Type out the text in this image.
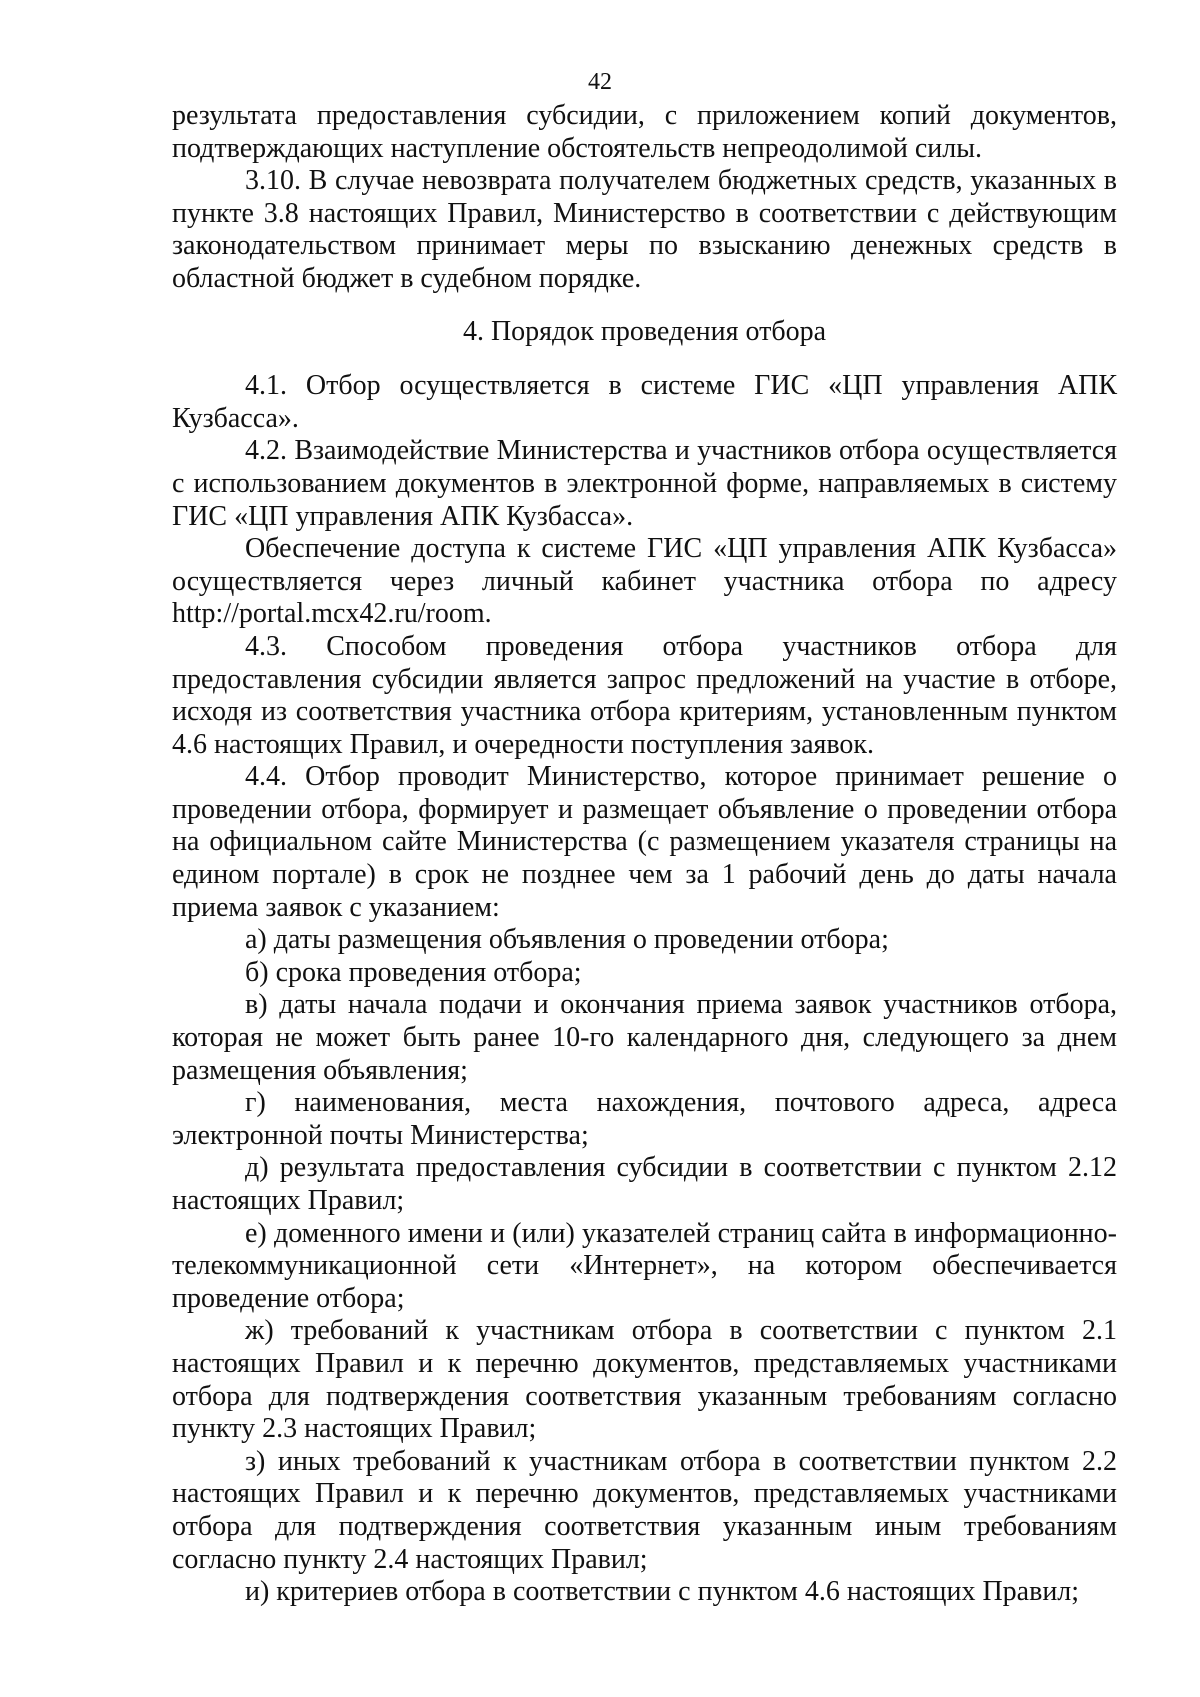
42

результата предоставления субсидии, с приложением копий документов, подтверждающих наступление обстоятельств непреодолимой силы.

3.10. В случае невозврата получателем бюджетных средств, указанных в пункте 3.8 настоящих Правил, Министерство в соответствии с действующим законодательством принимает меры по взысканию денежных средств в областной бюджет в судебном порядке.

4. Порядок проведения отбора

4.1. Отбор осуществляется в системе ГИС «ЦП управления АПК Кузбасса».

4.2. Взаимодействие Министерства и участников отбора осуществляется с использованием документов в электронной форме, направляемых в систему ГИС «ЦП управления АПК Кузбасса».

Обеспечение доступа к системе ГИС «ЦП управления АПК Кузбасса» осуществляется через личный кабинет участника отбора по адресу http://portal.mcx42.ru/room.

4.3. Способом проведения отбора участников отбора для предоставления субсидии является запрос предложений на участие в отборе, исходя из соответствия участника отбора критериям, установленным пунктом 4.6 настоящих Правил, и очередности поступления заявок.

4.4. Отбор проводит Министерство, которое принимает решение о проведении отбора, формирует и размещает объявление о проведении отбора на официальном сайте Министерства (с размещением указателя страницы на едином портале) в срок не позднее чем за 1 рабочий день до даты начала приема заявок с указанием:

а) даты размещения объявления о проведении отбора;

б) срока проведения отбора;

в) даты начала подачи и окончания приема заявок участников отбора, которая не может быть ранее 10-го календарного дня, следующего за днем размещения объявления;

г) наименования, места нахождения, почтового адреса, адреса электронной почты Министерства;

д) результата предоставления субсидии в соответствии с пунктом 2.12 настоящих Правил;

е) доменного имени и (или) указателей страниц сайта в информационно-телекоммуникационной сети «Интернет», на котором обеспечивается проведение отбора;

ж) требований к участникам отбора в соответствии с пунктом 2.1 настоящих Правил и к перечню документов, представляемых участниками отбора для подтверждения соответствия указанным требованиям согласно пункту 2.3 настоящих Правил;

з) иных требований к участникам отбора в соответствии пунктом 2.2 настоящих Правил и к перечню документов, представляемых участниками отбора для подтверждения соответствия указанным иным требованиям согласно пункту 2.4 настоящих Правил;

и) критериев отбора в соответствии с пунктом 4.6 настоящих Правил;
